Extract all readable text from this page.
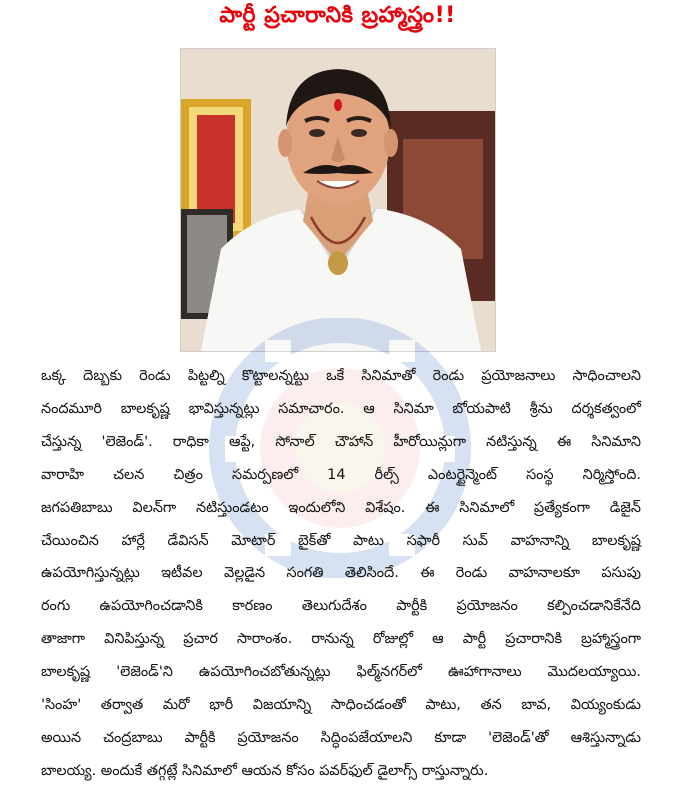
పార్టీ ప్రచారానికి బ్రహ్మాస్త్రం!!

ఒక్క దెబ్బకు రెండు పిట్టల్ని కొట్టాలన్నట్టు ఒకే సినిమాతో రెండు ప్రయోజనాలు సాధించాలని

నందమూరి బాలకృష్ణ భావిస్తున్నట్లు సమాచారం. ఆ సినిమా బోయపాటి శ్రీను దర్శకత్వంలో

చేస్తున్న 'లెజెండ్'. రాధికా ఆప్టే, సోనాల్ చౌహాన్ హీరోయిన్లుగా నటిస్తున్న ఈ సినిమాని

వారాహి చలన చిత్రం సమర్పణలో 14 రీల్స్ ఎంటర్టైన్మెంట్ సంస్థ నిర్మిస్తోంది.

జగపతిబాబు విలన్‌గా నటిస్తుండటం ఇందులోని విశేషం. ఈ సినిమాలో ప్రత్యేకంగా డిజైన్

చేయించిన హార్లే డేవిసన్ మోటార్ బైక్‌తో పాటు సఫారీ సువ్ వాహనాన్ని బాలకృష్ణ

ఉపయోగిస్తున్నట్లు ఇటీవల వెల్లడైన సంగతి తెలిసిందే. ఈ రెండు వాహనాలకూ పసుపు

రంగు ఉపయోగించడానికి కారణం తెలుగుదేశం పార్టీకి ప్రయోజనం కల్పించడానికేనేది

తాజాగా వినిపిస్తున్న ప్రచార సారాంశం. రానున్న రోజుల్లో ఆ పార్టీ ప్రచారానికి బ్రహ్మాస్త్రంగా

బాలకృష్ణ 'లెజెండ్'ని ఉపయోగించబోతున్నట్లు ఫిల్మ్‌నగర్‌లో ఊహాగానాలు మొదలయ్యాయి.

'సింహ' తర్వాత మరో భారీ విజయాన్ని సాధించడంతో పాటు, తన బావ, వియ్యంకుడు

అయిన చంద్రబాబు పార్టీకి ప్రయోజనం సిద్ధింపజేయాలని కూడా 'లెజెండ్'తో ఆశిస్తున్నాడు

బాలయ్య. అందుకే తగ్గట్లే సినిమాలో ఆయన కోసం పవర్‌ఫుల్ డైలాగ్స్ రాస్తున్నారు.
